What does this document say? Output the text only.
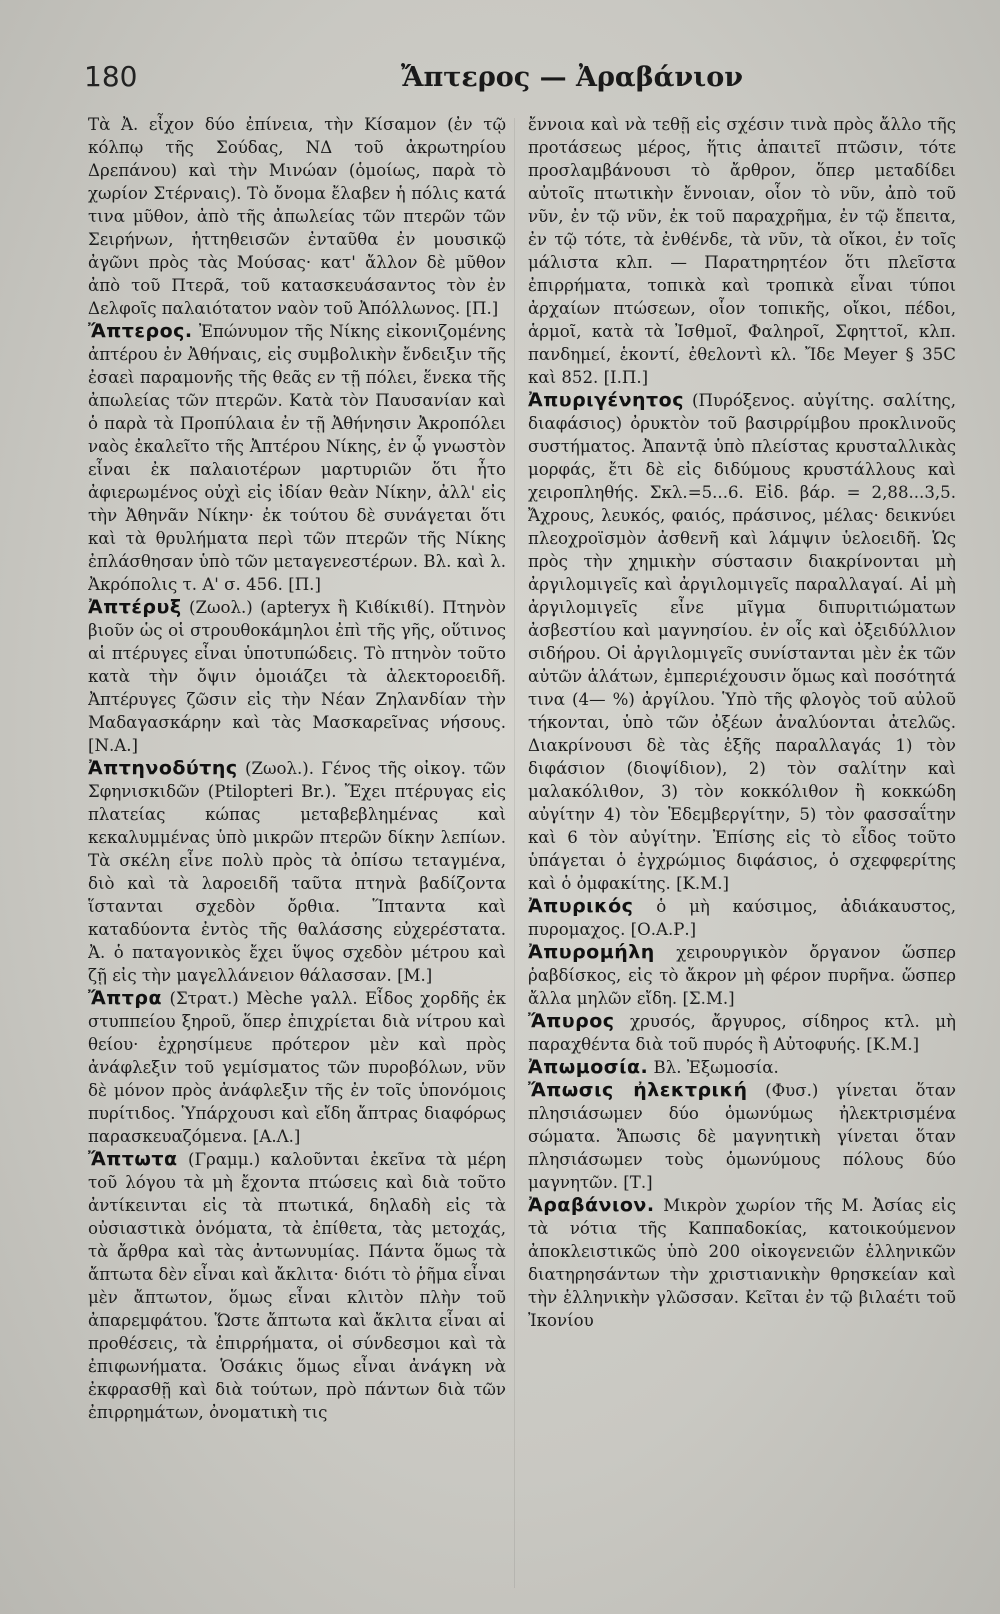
180	Ἄπτερος — Ἀραβάνιον

Τὰ Ἀ. εἶχον δύο ἐπίνεια, τὴν Κίσαμον (ἐν τῷ κόλπῳ τῆς Σούδας, ΝΔ τοῦ ἀκρωτηρίου Δρεπάνου) καὶ τὴν Μινώαν (ὁμοίως, παρὰ τὸ χωρίον Στέρναις). Τὸ ὄνομα ἔλαβεν ἡ πόλις κατά τινα μῦθον, ἀπὸ τῆς ἀπωλείας τῶν πτερῶν τῶν Σειρήνων, ἡττηθεισῶν ἐνταῦθα ἐν μουσικῷ ἀγῶνι πρὸς τὰς Μούσας· κατ' ἄλλον δὲ μῦθον ἀπὸ τοῦ Πτερᾶ, τοῦ κατασκευάσαντος τὸν ἐν Δελφοῖς παλαιότατον ναὸν τοῦ Ἀπόλλωνος. [Π.]

Ἄπτερος. Ἐπώνυμον τῆς Νίκης εἰκονιζομένης ἀπτέρου ἐν Ἀθήναις, εἰς συμβολικὴν ἔνδειξιν τῆς ἐσαεὶ παραμονῆς τῆς θεᾶς εν τῇ πόλει, ἕνεκα τῆς ἀπωλείας τῶν πτερῶν. Κατὰ τὸν Παυσανίαν καὶ ὁ παρὰ τὰ Προπύλαια ἐν τῇ Ἀθήνησιν Ἀκροπόλει ναὸς ἐκαλεῖτο τῆς Ἀπτέρου Νίκης, ἐν ᾧ γνωστὸν εἶναι ἐκ παλαιοτέρων μαρτυριῶν ὅτι ἦτο ἀφιερωμένος οὐχὶ εἰς ἰδίαν θεὰν Νίκην, ἀλλ' εἰς τὴν Ἀθηνᾶν Νίκην· ἐκ τούτου δὲ συνάγεται ὅτι καὶ τὰ θρυλήματα περὶ τῶν πτερῶν τῆς Νίκης ἐπλάσθησαν ὑπὸ τῶν μεταγενεστέρων. Βλ. καὶ λ. Ἀκρόπολις τ. Α' σ. 456. [Π.]

Ἀπτέρυξ (Ζωολ.) (apteryx ἢ Κιϐίκιϐί). Πτηνὸν βιοῦν ὡς οἱ στρουθοκάμηλοι ἐπὶ τῆς γῆς, οὕτινος αἱ πτέρυγες εἶναι ὑποτυπώδεις. Τὸ πτηνὸν τοῦτο κατὰ τὴν ὄψιν ὁμοιάζει τὰ ἀλεκτοροειδῆ. Ἀπτέρυγες ζῶσιν εἰς τὴν Νέαν Ζηλανδίαν τὴν Μαδαγασκάρην καὶ τὰς Μασκαρεῖνας νήσους. [Ν.Α.]

Ἀπτηνοδύτης (Ζωολ.). Γένος τῆς οἰκογ. τῶν Σφηνισκιδῶν (Ptilopteri Br.). Ἔχει πτέρυγας εἰς πλατείας κώπας μεταβεβλημένας καὶ κεκαλυμμένας ὑπὸ μικρῶν πτερῶν δίκην λεπίων. Τὰ σκέλη εἶνε πολὺ πρὸς τὰ ὀπίσω τεταγμένα, διὸ καὶ τὰ λαροειδῆ ταῦτα πτηνὰ βαδίζοντα ἵστανται σχεδὸν ὄρθια. Ἵπταντα καὶ καταδύοντα ἐντὸς τῆς θαλάσσης εὐχερέστατα. Ἀ. ὁ παταγονικὸς ἔχει ὕψος σχεδὸν μέτρου καὶ ζῇ εἰς τὴν μαγελλάνειον θάλασσαν. [Μ.]

Ἄπτρα (Στρατ.) Mèche γαλλ. Εἶδος χορδῆς ἐκ στυππείου ξηροῦ, ὅπερ ἐπιχρίεται διὰ νίτρου καὶ θείου· ἐχρησίμευε πρότερον μὲν καὶ πρὸς ἀνάφλεξιν τοῦ γεμίσματος τῶν πυροβόλων, νῦν δὲ μόνον πρὸς ἀνάφλεξιν τῆς ἐν τοῖς ὑπονόμοις πυρίτιδος. Ὑπάρχουσι καὶ εἴδη ἄπτρας διαφόρως παρασκευαζόμενα. [Α.Λ.]

Ἄπτωτα (Γραμμ.) καλοῦνται ἐκεῖνα τὰ μέρη τοῦ λόγου τὰ μὴ ἔχοντα πτώσεις καὶ διὰ τοῦτο ἀντίκεινται εἰς τὰ πτωτικά, δηλαδὴ εἰς τὰ οὐσιαστικὰ ὀνόματα, τὰ ἐπίθετα, τὰς μετοχάς, τὰ ἄρθρα καὶ τὰς ἀντωνυμίας. Πάντα ὅμως τὰ ἄπτωτα δὲν εἶναι καὶ ἄκλιτα· διότι τὸ ῥῆμα εἶναι μὲν ἄπτωτον, ὅμως εἶναι κλιτὸν πλὴν τοῦ ἀπαρεμφάτου. Ὥστε ἄπτωτα καὶ ἄκλιτα εἶναι αἱ προθέσεις, τὰ ἐπιρρήματα, οἱ σύνδεσμοι καὶ τὰ ἐπιφωνήματα. Ὁσάκις ὅμως εἶναι ἀνάγκη νὰ ἐκφρασθῇ καὶ διὰ τούτων, πρὸ πάντων διὰ τῶν ἐπιρρημάτων, ὀνοματικὴ τις

ἔννοια καὶ νὰ τεθῇ εἰς σχέσιν τινὰ πρὸς ἄλλο τῆς προτάσεως μέρος, ἥτις ἀπαιτεῖ πτῶσιν, τότε προσλαμβάνουσι τὸ ἄρθρον, ὅπερ μεταδίδει αὐτοῖς πτωτικὴν ἔννοιαν, οἷον τὸ νῦν, ἀπὸ τοῦ νῦν, ἐν τῷ νῦν, ἐκ τοῦ παραχρῆμα, ἐν τῷ ἔπειτα, ἐν τῷ τότε, τὰ ἐνθένδε, τὰ νῦν, τὰ οἴκοι, ἐν τοῖς μάλιστα κλπ. — Παρατηρητέον ὅτι πλεῖστα ἐπιρρήματα, τοπικὰ καὶ τροπικὰ εἶναι τύποι ἀρχαίων πτώσεων, οἷον τοπικῆς, οἴκοι, πέδοι, ἁρμοῖ, κατὰ τὰ Ἰσθμοῖ, Φαληροῖ, Σφηττοῖ, κλπ. πανδημεί, ἑκοντί, ἐθελοντὶ κλ. Ἴδε Meyer § 35C καὶ 852. [Ι.Π.]

Ἀπυριγένητος (Πυρόξενος. αὐγίτης. σαλίτης, διαφάσιος) ὀρυκτὸν τοῦ βασιρρίμβου προκλινοῦς συστήματος. Ἀπαντᾷ ὑπὸ πλείστας κρυσταλλικὰς μορφάς, ἔτι δὲ εἰς διδύμους κρυστάλλους καὶ χειροπληθής. Σκλ.=5...6. Εἰδ. βάρ. = 2,88...3,5. Ἄχρους, λευκός, φαιός, πράσινος, μέλας· δεικνύει πλεοχροϊσμὸν ἀσθενῆ καὶ λάμψιν ὑελοειδῆ. Ὡς πρὸς τὴν χημικὴν σύστασιν διακρίνονται μὴ ἀργιλομιγεῖς καὶ ἀργιλομιγεῖς παραλλαγαί. Αἱ μὴ ἀργιλομιγεῖς εἶνε μῖγμα διπυριτιώματων ἀσβεστίου καὶ μαγνησίου. ἐν οἷς καὶ ὀξειδύλλιον σιδήρου. Οἱ ἀργιλομιγεῖς συνίστανται μὲν ἐκ τῶν αὐτῶν ἁλάτων, ἐμπεριέχουσιν ὅμως καὶ ποσότητά τινα (4— %) ἀργίλου. Ὑπὸ τῆς φλογὸς τοῦ αὐλοῦ τήκονται, ὑπὸ τῶν ὀξέων ἀναλύονται ἀτελῶς. Διακρίνουσι δὲ τὰς ἑξῆς παραλλαγάς 1) τὸν διφάσιον (διοψίδιον), 2) τὸν σαλίτην καὶ μαλακόλιθον, 3) τὸν κοκκόλιθον ἢ κοκκώδη αὐγίτην 4) τὸν Ἑδεμβεργίτην, 5) τὸν φασσαΐτην καὶ 6 τὸν αὐγίτην. Ἐπίσης εἰς τὸ εἶδος τοῦτο ὑπάγεται ὁ ἐγχρώμιος διφάσιος, ὁ σχεφφερίτης καὶ ὁ ὀμφακίτης. [Κ.Μ.]

Ἀπυρικός ὁ μὴ καύσιμος, ἀδιάκαυστος, πυρομαχος. [Ο.Α.Ρ.]

Ἀπυρομήλη χειρουργικὸν ὄργανον ὥσπερ ῥαβδίσκος, εἰς τὸ ἄκρον μὴ φέρον πυρῆνα. ὥσπερ ἄλλα μηλῶν εἴδη. [Σ.Μ.]

Ἄπυρος χρυσός, ἄργυρος, σίδηρος κτλ. μὴ παραχθέντα διὰ τοῦ πυρός ἢ Αὐτοφυής. [Κ.Μ.]

Ἀπωμοσία. Βλ. Ἐξωμοσία.

Ἄπωσις ἠλεκτρική (Φυσ.) γίνεται ὅταν πλησιάσωμεν δύο ὁμωνύμως ἠλεκτρισμένα σώματα. Ἄπωσις δὲ μαγνητικὴ γίνεται ὅταν πλησιάσωμεν τοὺς ὁμωνύμους πόλους δύο μαγνητῶν. [Τ.]

Ἀραβάνιον. Μικρὸν χωρίον τῆς Μ. Ἀσίας εἰς τὰ νότια τῆς Καππαδοκίας, κατοικούμενον ἀποκλειστικῶς ὑπὸ 200 οἰκογενειῶν ἑλληνικῶν διατηρησάντων τὴν χριστιανικὴν θρησκείαν καὶ τὴν ἑλληνικὴν γλῶσσαν. Κεῖται ἐν τῷ βιλαέτι τοῦ Ἰκονίου
